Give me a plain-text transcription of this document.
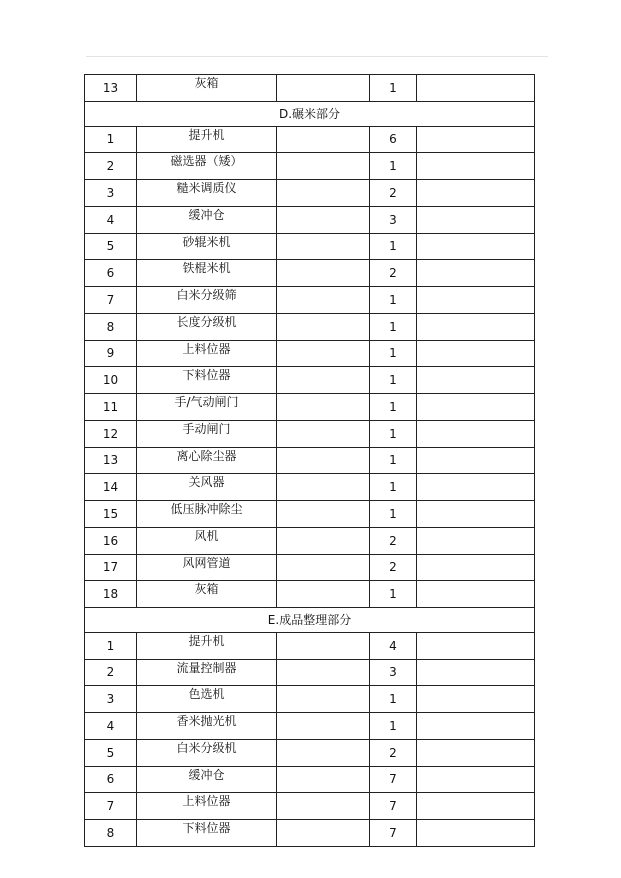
13	灰箱		1	
D.碾米部分				
1	提升机		6	
2	磁选器（矮）		1	
3	糙米调质仪		2	
4	缓冲仓		3	
5	砂辊米机		1	
6	铁棍米机		2	
7	白米分级筛		1	
8	长度分级机		1	
9	上料位器		1	
10	下料位器		1	
11	手/气动闸门		1	
12	手动闸门		1	
13	离心除尘器		1	
14	关风器		1	
15	低压脉冲除尘		1	
16	风机		2	
17	风网管道		2	
18	灰箱		1	
E.成品整理部分				
1	提升机		4	
2	流量控制器		3	
3	色选机		1	
4	香米抛光机		1	
5	白米分级机		2	
6	缓冲仓		7	
7	上料位器		7	
8	下料位器		7	
